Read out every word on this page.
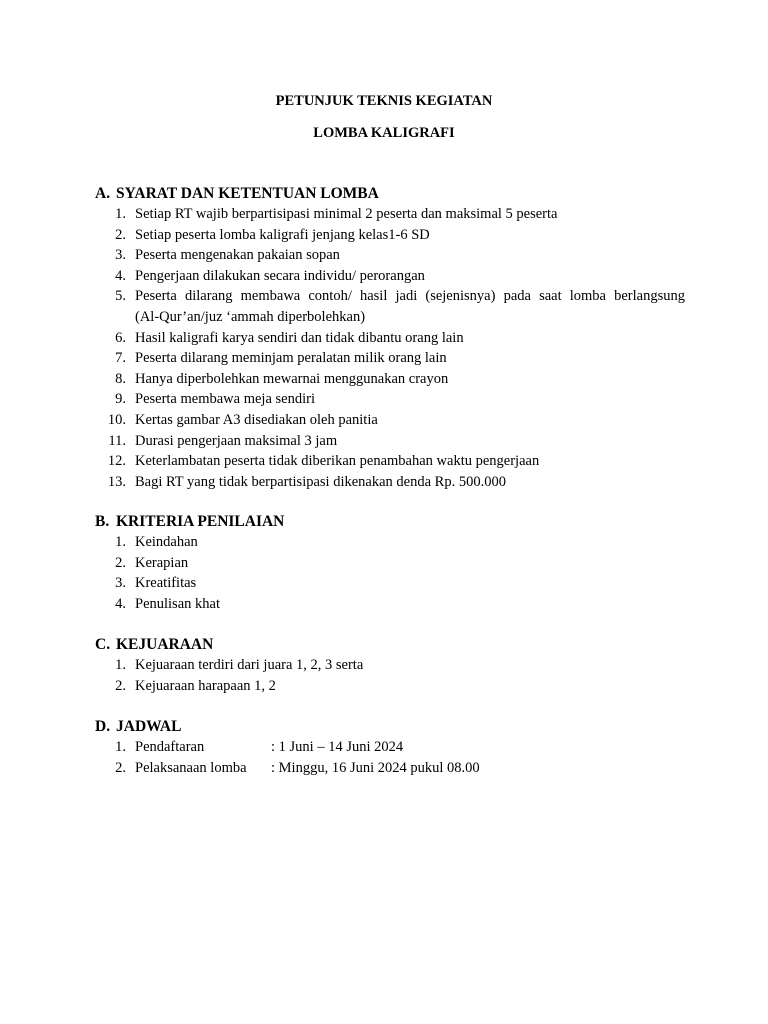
PETUNJUK TEKNIS KEGIATAN
LOMBA KALIGRAFI
A. SYARAT DAN KETENTUAN LOMBA
1. Setiap RT wajib berpartisipasi minimal 2 peserta dan maksimal 5 peserta
2. Setiap peserta lomba kaligrafi jenjang kelas1-6 SD
3. Peserta mengenakan pakaian sopan
4. Pengerjaan dilakukan secara individu/ perorangan
5. Peserta dilarang membawa contoh/ hasil jadi (sejenisnya) pada saat lomba berlangsung
(Al-Qur’an/juz ‘ammah diperbolehkan)
6. Hasil kaligrafi karya sendiri dan tidak dibantu orang lain
7. Peserta dilarang meminjam peralatan milik orang lain
8. Hanya diperbolehkan mewarnai menggunakan crayon
9. Peserta membawa meja sendiri
10. Kertas gambar A3 disediakan oleh panitia
11. Durasi pengerjaan maksimal 3 jam
12. Keterlambatan peserta tidak diberikan penambahan waktu pengerjaan
13. Bagi RT yang tidak berpartisipasi dikenakan denda Rp. 500.000
B. KRITERIA PENILAIAN
1. Keindahan
2. Kerapian
3. Kreatifitas
4. Penulisan khat
C. KEJUARAAN
1. Kejuaraan terdiri dari juara 1, 2, 3 serta
2. Kejuaraan harapaan 1, 2
D. JADWAL
1. Pendaftaran	: 1 Juni – 14 Juni 2024
2. Pelaksanaan lomba : Minggu, 16 Juni 2024 pukul 08.00
